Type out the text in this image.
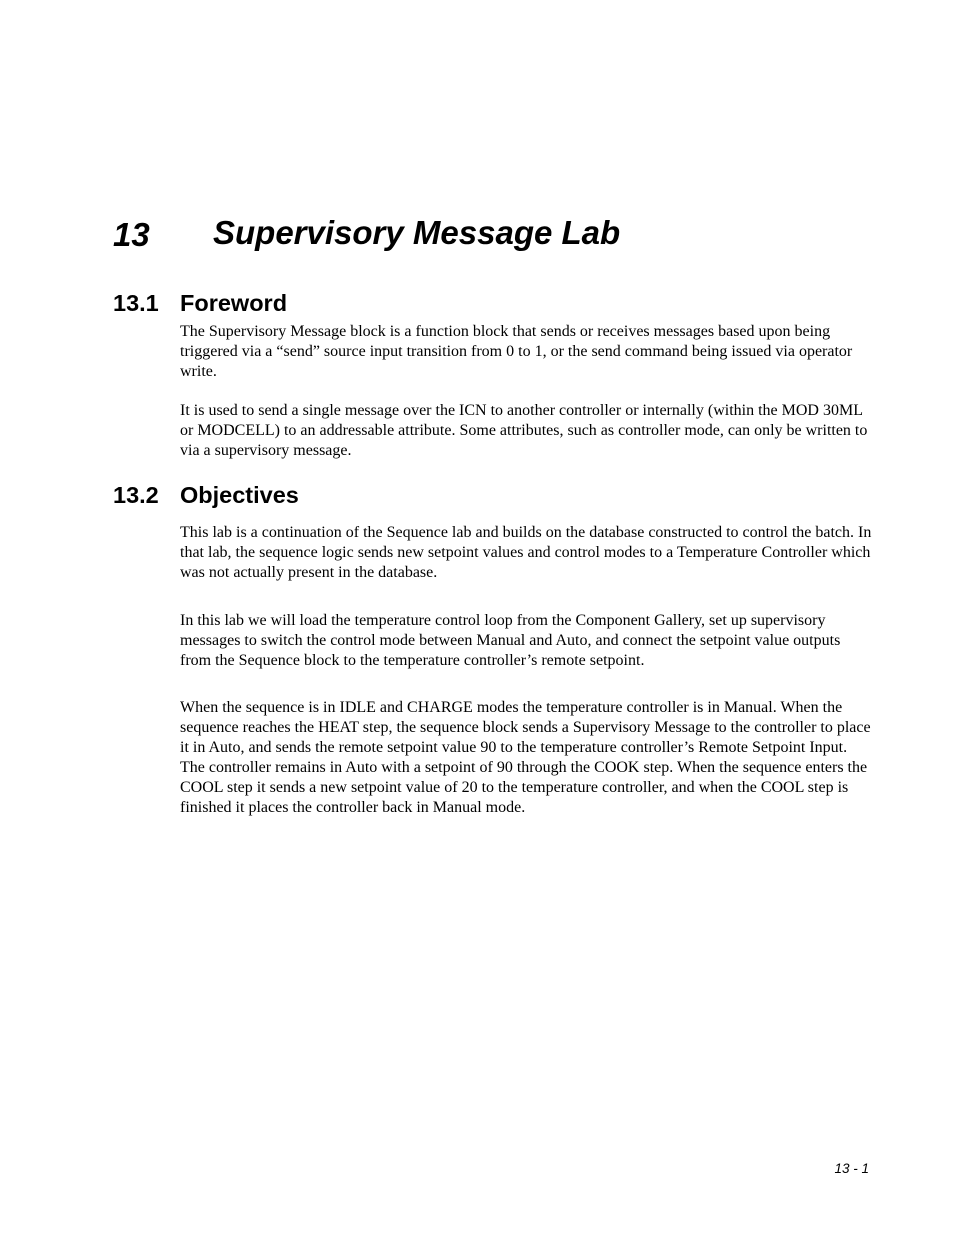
13 Supervisory Message Lab
13.1 Foreword

The Supervisory Message block is a function block that sends or receives messages based upon being triggered via a “send” source input transition from 0 to 1, or the send command being issued via operator write.

It is used to send a single message over the ICN to another controller or internally (within the MOD 30ML or MODCELL) to an addressable attribute. Some attributes, such as controller mode, can only be written to via a supervisory message.

13.2 Objectives

This lab is a continuation of the Sequence lab and builds on the database constructed to control the batch. In that lab, the sequence logic sends new setpoint values and control modes to a Temperature Controller which was not actually present in the database.

In this lab we will load the temperature control loop from the Component Gallery, set up supervisory messages to switch the control mode between Manual and Auto, and connect the setpoint value outputs from the Sequence block to the temperature controller’s remote setpoint.

When the sequence is in IDLE and CHARGE modes the temperature controller is in Manual. When the sequence reaches the HEAT step, the sequence block sends a Supervisory Message to the controller to place it in Auto, and sends the remote setpoint value 90 to the temperature controller’s Remote Setpoint Input. The controller remains in Auto with a setpoint of 90 through the COOK step. When the sequence enters the COOL step it sends a new setpoint value of 20 to the temperature controller, and when the COOL step is finished it places the controller back in Manual mode.

13 - 1
